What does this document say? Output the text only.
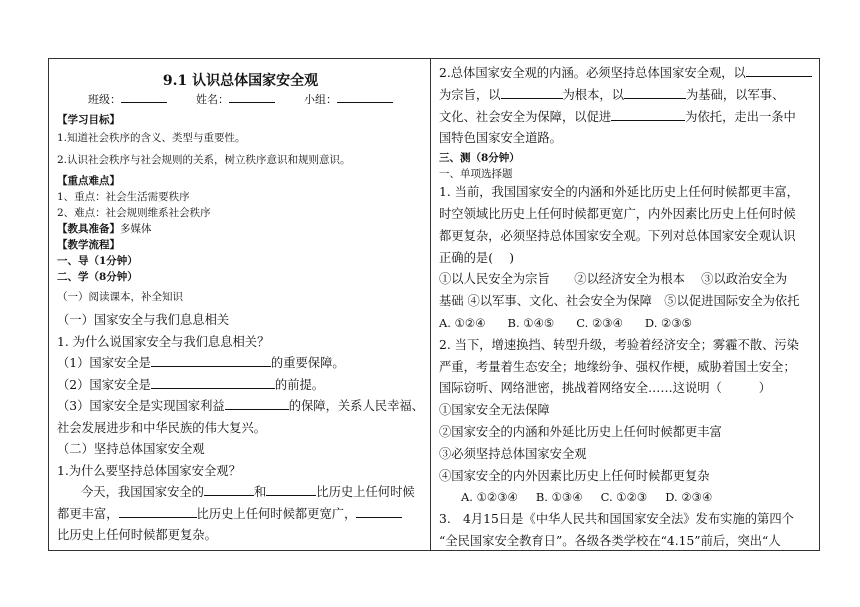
9.1 认识总体国家安全观
班级：	姓名：	小组：
【学习目标】
1.知道社会秩序的含义、类型与重要性。
2.认识社会秩序与社会规则的关系，树立秩序意识和规则意识。
【重点难点】
1、重点：社会生活需要秩序
2、难点：社会规则维系社会秩序
【教具准备】多媒体
【教学流程】
一、导（1分钟）
二、学（8分钟）
（一）阅读课本，补全知识
（一）国家安全与我们息息相关
1. 为什么说国家安全与我们息息相关？
（1）国家安全是	的重要保障。
（2）国家安全是	的前提。
（3）国家安全是实现国家利益	的保障，关系人民幸福、
社会发展进步和中华民族的伟大复兴。
（二）坚持总体国家安全观
1.为什么要坚持总体国家安全观？
今天，我国国家安全的	和	比历史上任何时候
都更丰富，	比历史上任何时候都更宽广，
比历史上任何时候都更复杂。
2.总体国家安全观的内涵。必须坚持总体国家安全观，以
为宗旨，以	为根本，以	为基础，以军事、
文化、社会安全为保障，以促进	为依托，走出一条中
国特色国家安全道路。
三、测（8分钟）
一、单项选择题
1. 当前，我国国家安全的内涵和外延比历史上任何时候都更丰富，
时空领域比历史上任何时候都更宽广，内外因素比历史上任何时候
都更复杂，必须坚持总体国家安全观。下列对总体国家安全观认识
正确的是(　 )
①以人民安全为宗旨　　②以经济安全为根本　 ③以政治安全为
基础 ④以军事、文化、社会安全为保障　⑤以促进国际安全为依托
A. ①②④ B. ①④⑤ C. ②③④ D. ②③⑤
2. 当下，增速换挡、转型升级，考验着经济安全；雾霾不散、污染
严重，考量着生态安全；地缘纷争、强权作梗，威胁着国土安全；
国际窃听、网络泄密，挑战着网络安全……这说明（　　　）
①国家安全无法保障
②国家安全的内涵和外延比历史上任何时候都更丰富
③必须坚持总体国家安全观
④国家安全的内外因素比历史上任何时候都更复杂
A. ①②③④ B. ①③④ C. ①②③ D. ②③④
3.　4月15日是《中华人民共和国国家安全法》发布实施的第四个
“全民国家安全教育日”。各级各类学校在“4.15”前后，突出“人
